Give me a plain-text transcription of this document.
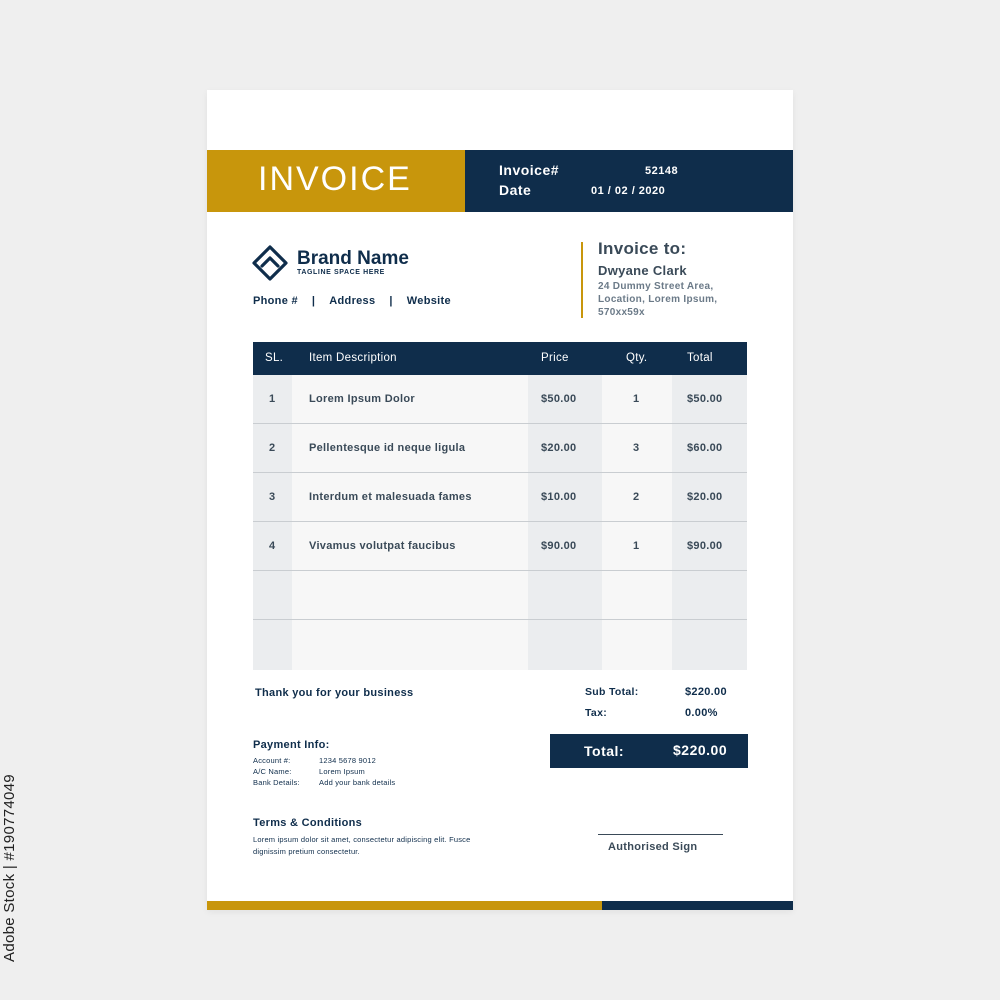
Adobe Stock | #190774049
INVOICE	Invoice#	52148
Date	01 / 02 / 2020
Brand Name
TAGLINE SPACE HERE
Phone # | Address | Website
Invoice to:
Dwyane Clark
24 Dummy Street Area, Location, Lorem Ipsum, 570xx59x
SL. Item Description	Price	Qty.	Total
1	Lorem Ipsum Dolor	$50.00	1	$50.00
2	Pellentesque id neque ligula	$20.00	3	$60.00
3	Interdum et malesuada fames	$10.00	2	$20.00
4	Vivamus volutpat faucibus	$90.00	1	$90.00
Thank you for your business	Sub Total:	$220.00
Tax:	0.00%
Total:	$220.00
Payment Info:
Account #:	1234 5678 9012
A/C Name:	Lorem Ipsum
Bank Details:	Add your bank details
Terms & Conditions
Lorem ipsum dolor sit amet, consectetur adipiscing elit. Fusce dignissim pretium consectetur.	Authorised Sign
